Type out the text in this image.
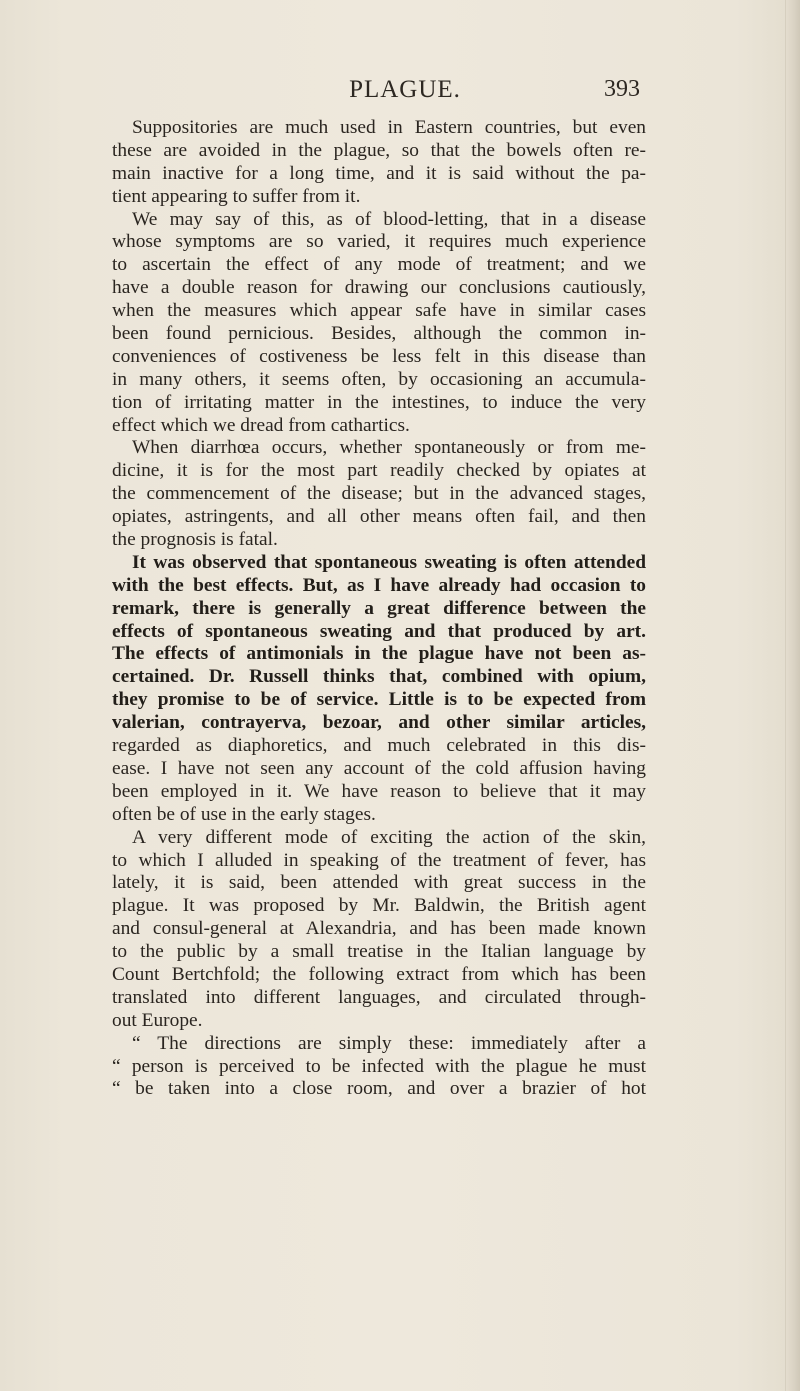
PLAGUE.	393
Suppositories are much used in Eastern countries, but even
these are avoided in the plague, so that the bowels often re-
main inactive for a long time, and it is said without the pa-
tient appearing to suffer from it.
We may say of this, as of blood-letting, that in a disease
whose symptoms are so varied, it requires much experience
to ascertain the effect of any mode of treatment; and we
have a double reason for drawing our conclusions cautiously,
when the measures which appear safe have in similar cases
been found pernicious. Besides, although the common in-
conveniences of costiveness be less felt in this disease than
in many others, it seems often, by occasioning an accumula-
tion of irritating matter in the intestines, to induce the very
effect which we dread from cathartics.
When diarrhœa occurs, whether spontaneously or from me-
dicine, it is for the most part readily checked by opiates at
the commencement of the disease; but in the advanced stages,
opiates, astringents, and all other means often fail, and then
the prognosis is fatal.
It was observed that spontaneous sweating is often attended
with the best effects. But, as I have already had occasion to
remark, there is generally a great difference between the
effects of spontaneous sweating and that produced by art.
The effects of antimonials in the plague have not been as-
certained. Dr. Russell thinks that, combined with opium,
they promise to be of service. Little is to be expected from
valerian, contrayerva, bezoar, and other similar articles,
regarded as diaphoretics, and much celebrated in this dis-
ease. I have not seen any account of the cold affusion having
been employed in it. We have reason to believe that it may
often be of use in the early stages.
A very different mode of exciting the action of the skin,
to which I alluded in speaking of the treatment of fever, has
lately, it is said, been attended with great success in the
plague. It was proposed by Mr. Baldwin, the British agent
and consul-general at Alexandria, and has been made known
to the public by a small treatise in the Italian language by
Count Bertchfold; the following extract from which has been
translated into different languages, and circulated through-
out Europe.
“ The directions are simply these: immediately after a
“ person is perceived to be infected with the plague he must
“ be taken into a close room, and over a brazier of hot
